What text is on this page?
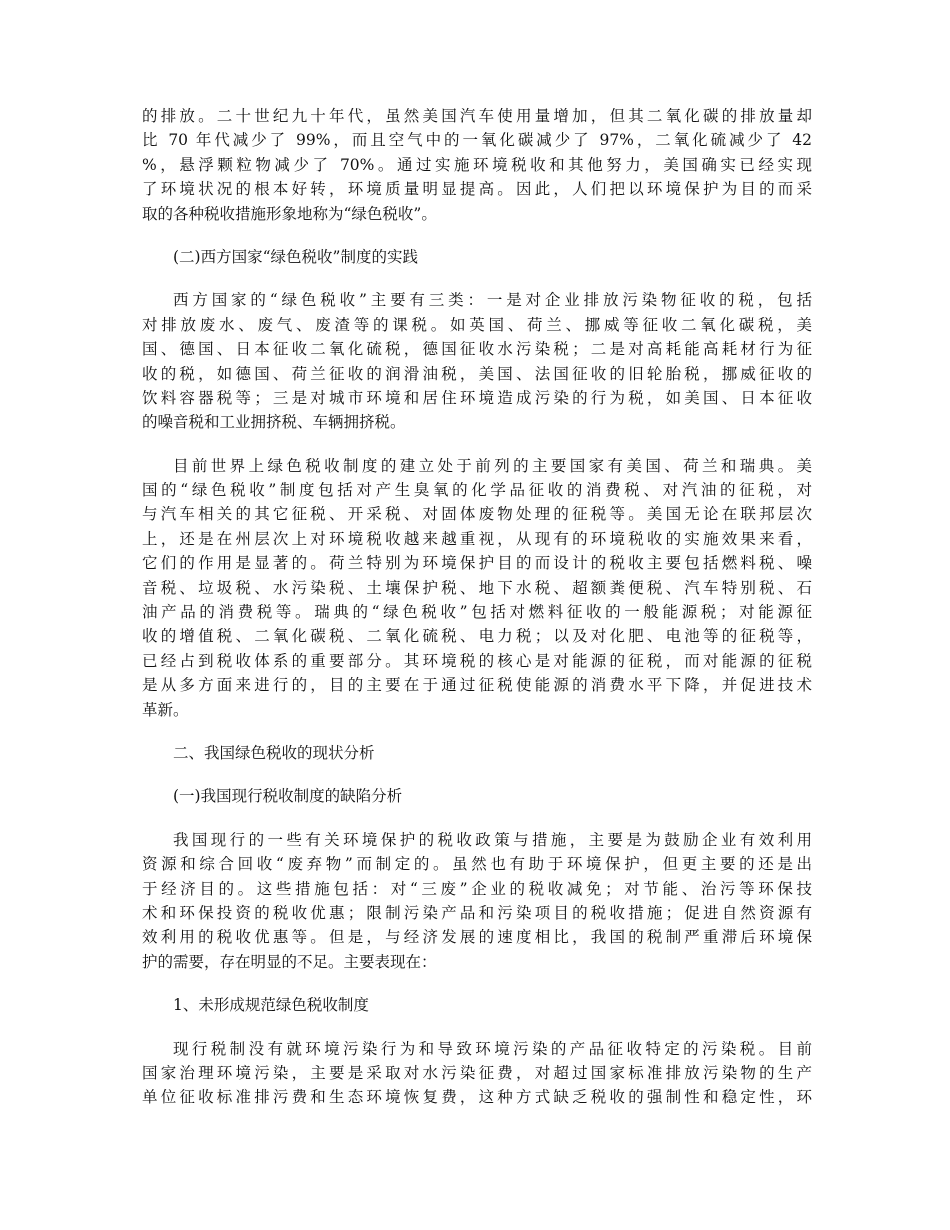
的排放。二十世纪九十年代，虽然美国汽车使用量增加，但其二氧化碳的排放量却
比 70 年代减少了 99%，而且空气中的一氧化碳减少了 97%，二氧化硫减少了 42
%，悬浮颗粒物减少了 70%。通过实施环境税收和其他努力，美国确实已经实现
了环境状况的根本好转，环境质量明显提高。因此，人们把以环境保护为目的而采
取的各种税收措施形象地称为“绿色税收”。
(二)西方国家“绿色税收”制度的实践
西方国家的“绿色税收”主要有三类：一是对企业排放污染物征收的税，包括
对排放废水、废气、废渣等的课税。如英国、荷兰、挪威等征收二氧化碳税，美
国、德国、日本征收二氧化硫税，德国征收水污染税；二是对高耗能高耗材行为征
收的税，如德国、荷兰征收的润滑油税，美国、法国征收的旧轮胎税，挪威征收的
饮料容器税等；三是对城市环境和居住环境造成污染的行为税，如美国、日本征收
的噪音税和工业拥挤税、车辆拥挤税。
目前世界上绿色税收制度的建立处于前列的主要国家有美国、荷兰和瑞典。美
国的“绿色税收”制度包括对产生臭氧的化学品征收的消费税、对汽油的征税，对
与汽车相关的其它征税、开采税、对固体废物处理的征税等。美国无论在联邦层次
上，还是在州层次上对环境税收越来越重视，从现有的环境税收的实施效果来看，
它们的作用是显著的。荷兰特别为环境保护目的而设计的税收主要包括燃料税、噪
音税、垃圾税、水污染税、土壤保护税、地下水税、超额粪便税、汽车特别税、石
油产品的消费税等。瑞典的“绿色税收”包括对燃料征收的一般能源税；对能源征
收的增值税、二氧化碳税、二氧化硫税、电力税；以及对化肥、电池等的征税等，
已经占到税收体系的重要部分。其环境税的核心是对能源的征税，而对能源的征税
是从多方面来进行的，目的主要在于通过征税使能源的消费水平下降，并促进技术
革新。
二、我国绿色税收的现状分析
(一)我国现行税收制度的缺陷分析
我国现行的一些有关环境保护的税收政策与措施，主要是为鼓励企业有效利用
资源和综合回收“废弃物”而制定的。虽然也有助于环境保护，但更主要的还是出
于经济目的。这些措施包括：对“三废”企业的税收减免；对节能、治污等环保技
术和环保投资的税收优惠；限制污染产品和污染项目的税收措施；促进自然资源有
效利用的税收优惠等。但是，与经济发展的速度相比，我国的税制严重滞后环境保
护的需要，存在明显的不足。主要表现在：
1、未形成规范绿色税收制度
现行税制没有就环境污染行为和导致环境污染的产品征收特定的污染税。目前
国家治理环境污染，主要是采取对水污染征费，对超过国家标准排放污染物的生产
单位征收标准排污费和生态环境恢复费，这种方式缺乏税收的强制性和稳定性，环
